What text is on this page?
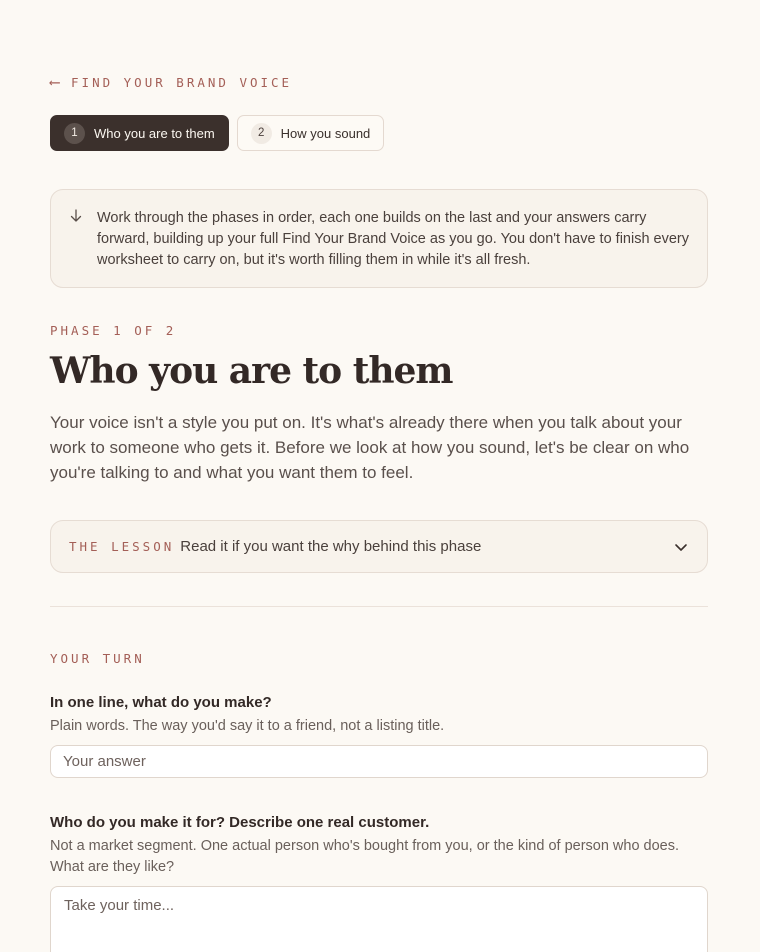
⟵ FIND YOUR BRAND VOICE
1	Who you are to them	2	How you sound

Work through the phases in order, each one builds on the last and your answers carry forward, building up your full Find Your Brand Voice as you go. You don't have to finish every worksheet to carry on, but it's worth filling them in while it's all fresh.

PHASE 1 OF 2
Who you are to them

Your voice isn't a style you put on. It's what's already there when you talk about your work to someone who gets it. Before we look at how you sound, let's be clear on who you're talking to and what you want them to feel.

THE LESSON Read it if you want the why behind this phase
YOUR TURN
In one line, what do you make?

Plain words. The way you'd say it to a friend, not a listing title.

Your answer
Who do you make it for? Describe one real customer.

Not a market segment. One actual person who's bought from you, or the kind of person who does. What are they like?

Take your time...
